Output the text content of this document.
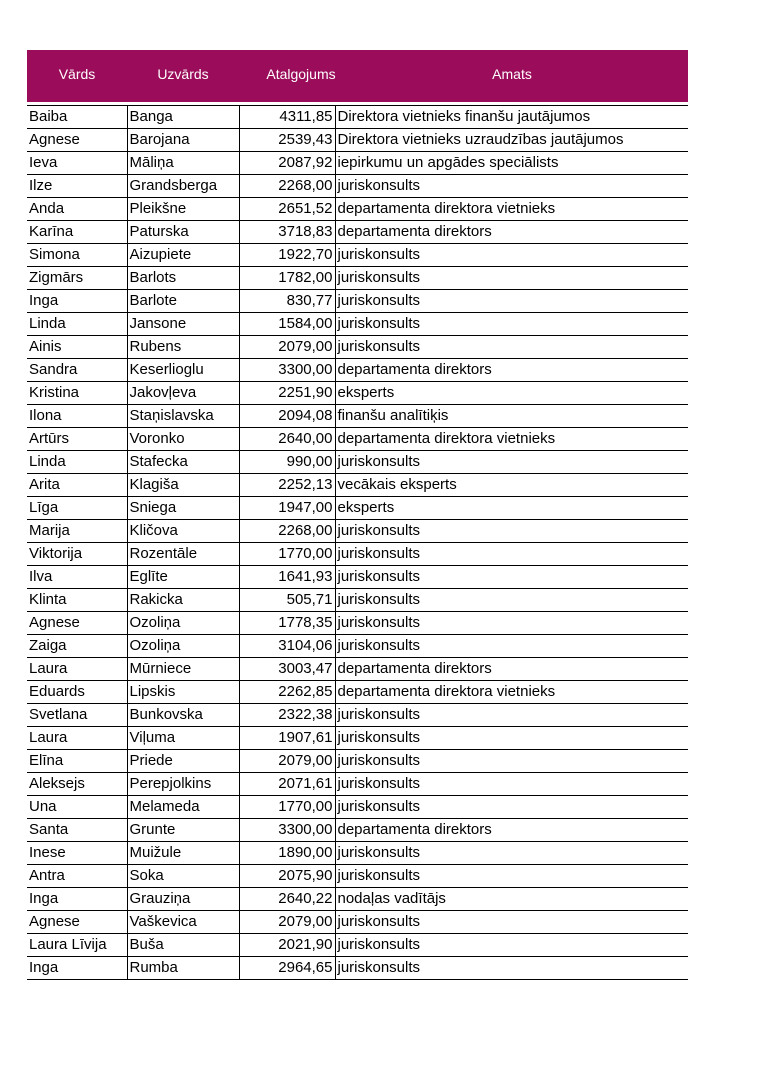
Vārds	Uzvārds	Atalgojums	Amats
Baiba	Banga	4311,85	Direktora vietnieks finanšu jautājumos
Agnese	Barojana	2539,43	Direktora vietnieks uzraudzības jautājumos
Ieva	Māliņa	2087,92	iepirkumu un apgādes speciālists
Ilze	Grandsberga	2268,00	juriskonsults
Anda	Pleikšne	2651,52	departamenta direktora vietnieks
Karīna	Paturska	3718,83	departamenta direktors
Simona	Aizupiete	1922,70	juriskonsults
Zigmārs	Barlots	1782,00	juriskonsults
Inga	Barlote	830,77	juriskonsults
Linda	Jansone	1584,00	juriskonsults
Ainis	Rubens	2079,00	juriskonsults
Sandra	Keserlioglu	3300,00	departamenta direktors
Kristina	Jakovļeva	2251,90	eksperts
Ilona	Staņislavska	2094,08	finanšu analītiķis
Artūrs	Voronko	2640,00	departamenta direktora vietnieks
Linda	Stafecka	990,00	juriskonsults
Arita	Klagiša	2252,13	vecākais eksperts
Līga	Sniega	1947,00	eksperts
Marija	Kličova	2268,00	juriskonsults
Viktorija	Rozentāle	1770,00	juriskonsults
Ilva	Eglīte	1641,93	juriskonsults
Klinta	Rakicka	505,71	juriskonsults
Agnese	Ozoliņa	1778,35	juriskonsults
Zaiga	Ozoliņa	3104,06	juriskonsults
Laura	Mūrniece	3003,47	departamenta direktors
Eduards	Lipskis	2262,85	departamenta direktora vietnieks
Svetlana	Bunkovska	2322,38	juriskonsults
Laura	Viļuma	1907,61	juriskonsults
Elīna	Priede	2079,00	juriskonsults
Aleksejs	Perepjolkins	2071,61	juriskonsults
Una	Melameda	1770,00	juriskonsults
Santa	Grunte	3300,00	departamenta direktors
Inese	Muižule	1890,00	juriskonsults
Antra	Soka	2075,90	juriskonsults
Inga	Grauziņa	2640,22	nodaļas vadītājs
Agnese	Vaškevica	2079,00	juriskonsults
Laura Līvija	Buša	2021,90	juriskonsults
Inga	Rumba	2964,65	juriskonsults
